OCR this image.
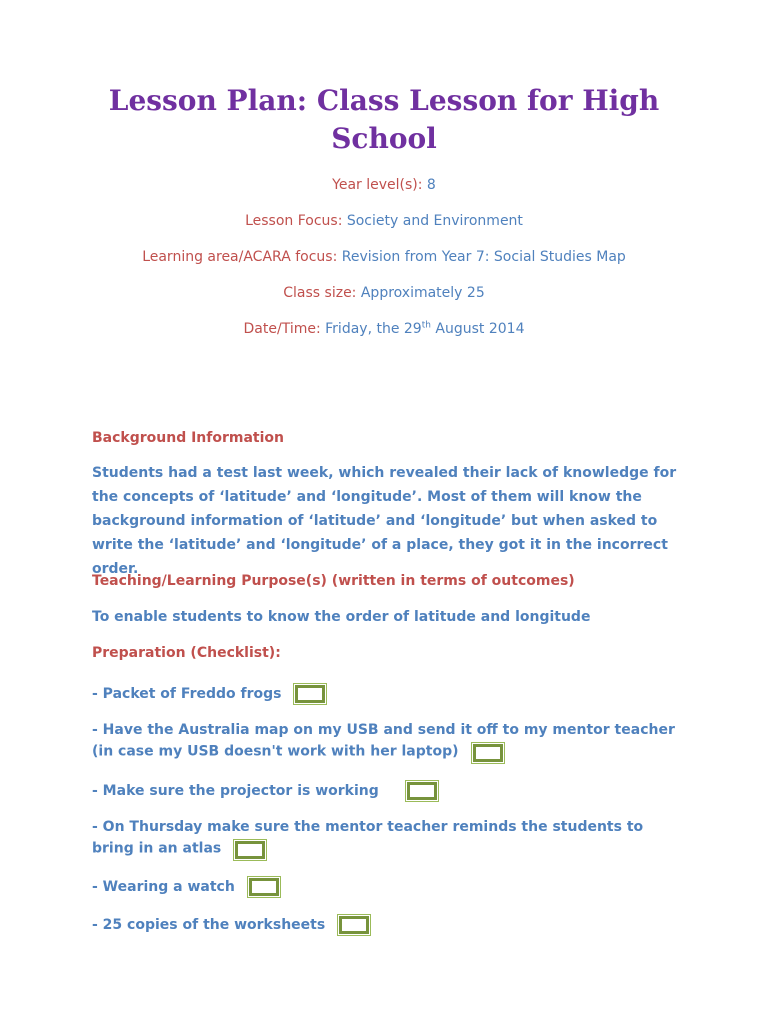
Lesson Plan: Class Lesson for High School
Year level(s): 8
Lesson Focus: Society and Environment
Learning area/ACARA focus: Revision from Year 7: Social Studies Map
Class size: Approximately 25
Date/Time: Friday, the 29th August 2014
Background Information
Students had a test last week, which revealed their lack of knowledge for the concepts of ‘latitude’ and ‘longitude’. Most of them will know the background information of ‘latitude’ and ‘longitude’ but when asked to write the ‘latitude’ and ‘longitude’ of a place, they got it in the incorrect order.
Teaching/Learning Purpose(s) (written in terms of outcomes)
To enable students to know the order of latitude and longitude
Preparation (Checklist):
- Packet of Freddo frogs
- Have the Australia map on my USB and send it off to my mentor teacher
(in case my USB doesn't work with her laptop)
- Make sure the projector is working
- On Thursday make sure the mentor teacher reminds the students to
bring in an atlas
- Wearing a watch
- 25 copies of the worksheets
